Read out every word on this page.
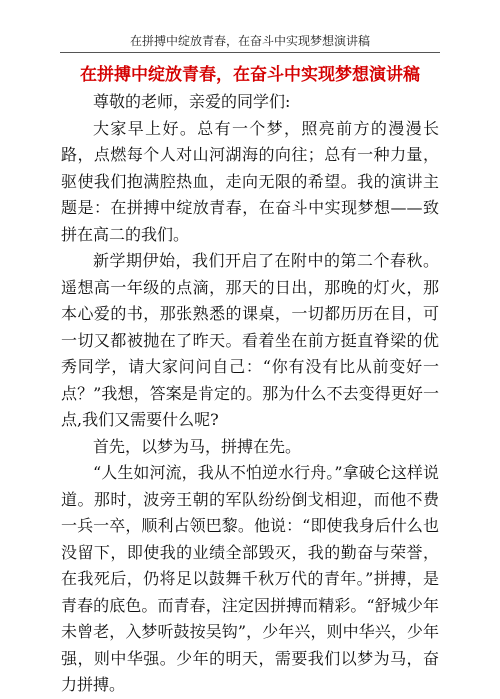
在拼搏中绽放青春，在奋斗中实现梦想演讲稿
在拼搏中绽放青春，在奋斗中实现梦想演讲稿

尊敬的老师，亲爱的同学们:

大家早上好。总有一个梦，照亮前方的漫漫长路，点燃每个人对山河湖海的向往；总有一种力量，驱使我们抱满腔热血，走向无限的希望。我的演讲主题是：在拼搏中绽放青春，在奋斗中实现梦想——致拼在高二的我们。

新学期伊始，我们开启了在附中的第二个春秋。遥想高一年级的点滴，那天的日出，那晚的灯火，那本心爱的书，那张熟悉的课桌，一切都历历在目，可一切又都被抛在了昨天。看着坐在前方挺直脊梁的优秀同学，请大家问问自己：“你有没有比从前变好一点？”我想，答案是肯定的。那为什么不去变得更好一点,我们又需要什么呢?

首先，以梦为马，拼搏在先。

“人生如河流，我从不怕逆水行舟。”拿破仑这样说道。那时，波旁王朝的军队纷纷倒戈相迎，而他不费一兵一卒，顺利占领巴黎。他说：“即使我身后什么也没留下，即使我的业绩全部毁灭，我的勤奋与荣誉，在我死后，仍将足以鼓舞千秋万代的青年。”拼搏，是青春的底色。而青春，注定因拼搏而精彩。“舒城少年未曾老，入梦听鼓按吴钩”，少年兴，则中华兴，少年强，则中华强。少年的明天，需要我们以梦为马，奋力拼搏。
